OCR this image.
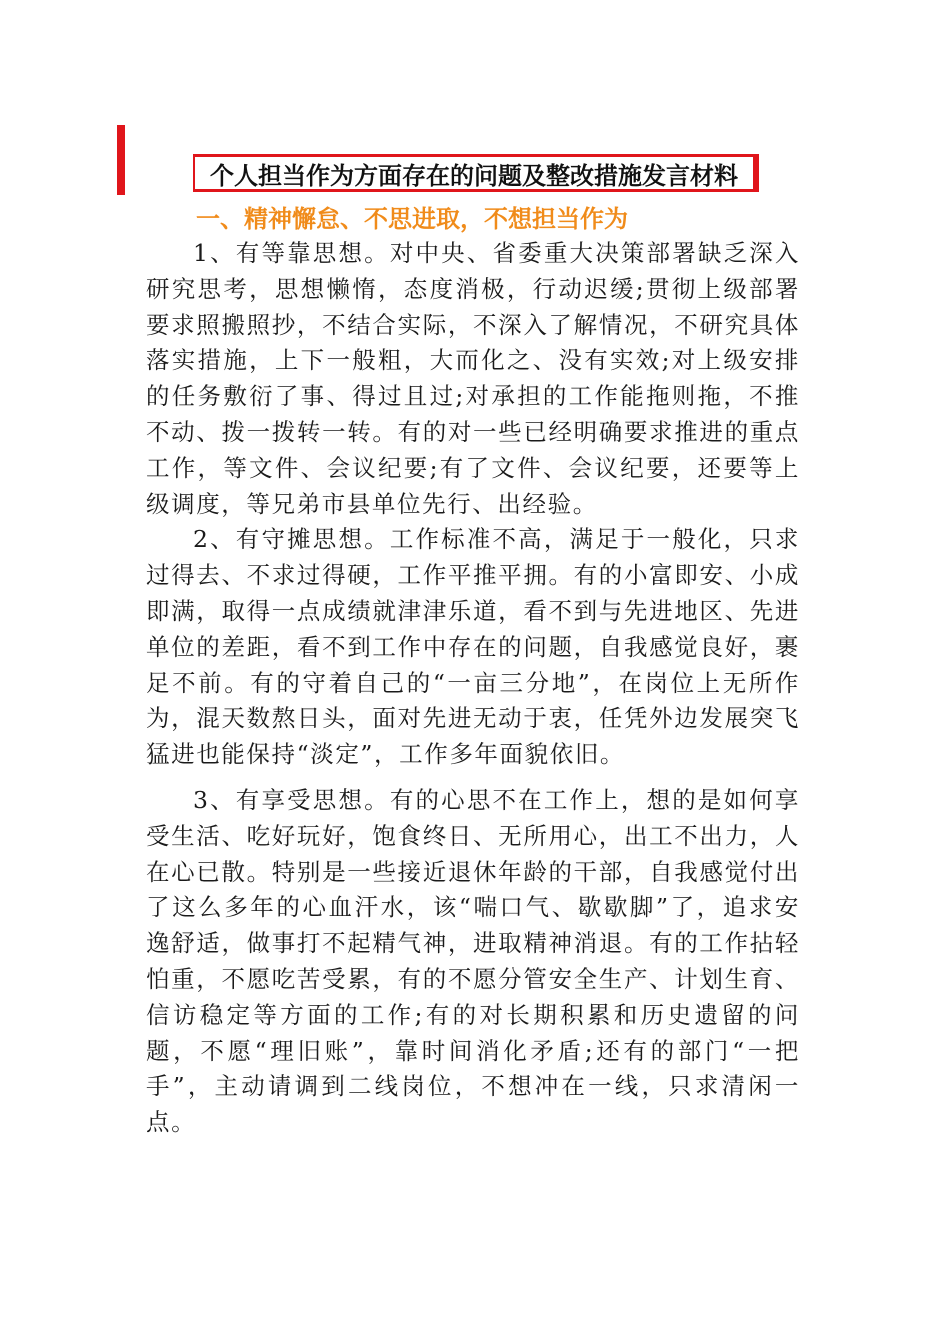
个人担当作为方面存在的问题及整改措施发言材料
一、精神懈怠、不思进取，不想担当作为

1、有等靠思想。对中央、省委重大决策部署缺乏深入研究思考，思想懒惰，态度消极，行动迟缓;贯彻上级部署要求照搬照抄，不结合实际，不深入了解情况，不研究具体落实措施，上下一般粗，大而化之、没有实效;对上级安排的任务敷衍了事、得过且过;对承担的工作能拖则拖，不推不动、拨一拨转一转。有的对一些已经明确要求推进的重点工作，等文件、会议纪要;有了文件、会议纪要，还要等上级调度，等兄弟市县单位先行、出经验。

2、有守摊思想。工作标准不高，满足于一般化，只求过得去、不求过得硬，工作平推平拥。有的小富即安、小成即满，取得一点成绩就津津乐道，看不到与先进地区、先进单位的差距，看不到工作中存在的问题，自我感觉良好，裹足不前。有的守着自己的“一亩三分地”，在岗位上无所作为，混天数熬日头，面对先进无动于衷，任凭外边发展突飞猛进也能保持“淡定”，工作多年面貌依旧。

3、有享受思想。有的心思不在工作上，想的是如何享受生活、吃好玩好，饱食终日、无所用心，出工不出力，人在心已散。特别是一些接近退休年龄的干部，自我感觉付出了这么多年的心血汗水，该“喘口气、歇歇脚”了，追求安逸舒适，做事打不起精气神，进取精神消退。有的工作拈轻怕重，不愿吃苦受累，有的不愿分管安全生产、计划生育、信访稳定等方面的工作;有的对长期积累和历史遗留的问题，不愿“理旧账”，靠时间消化矛盾;还有的部门“一把手”，主动请调到二线岗位，不想冲在一线，只求清闲一点。
